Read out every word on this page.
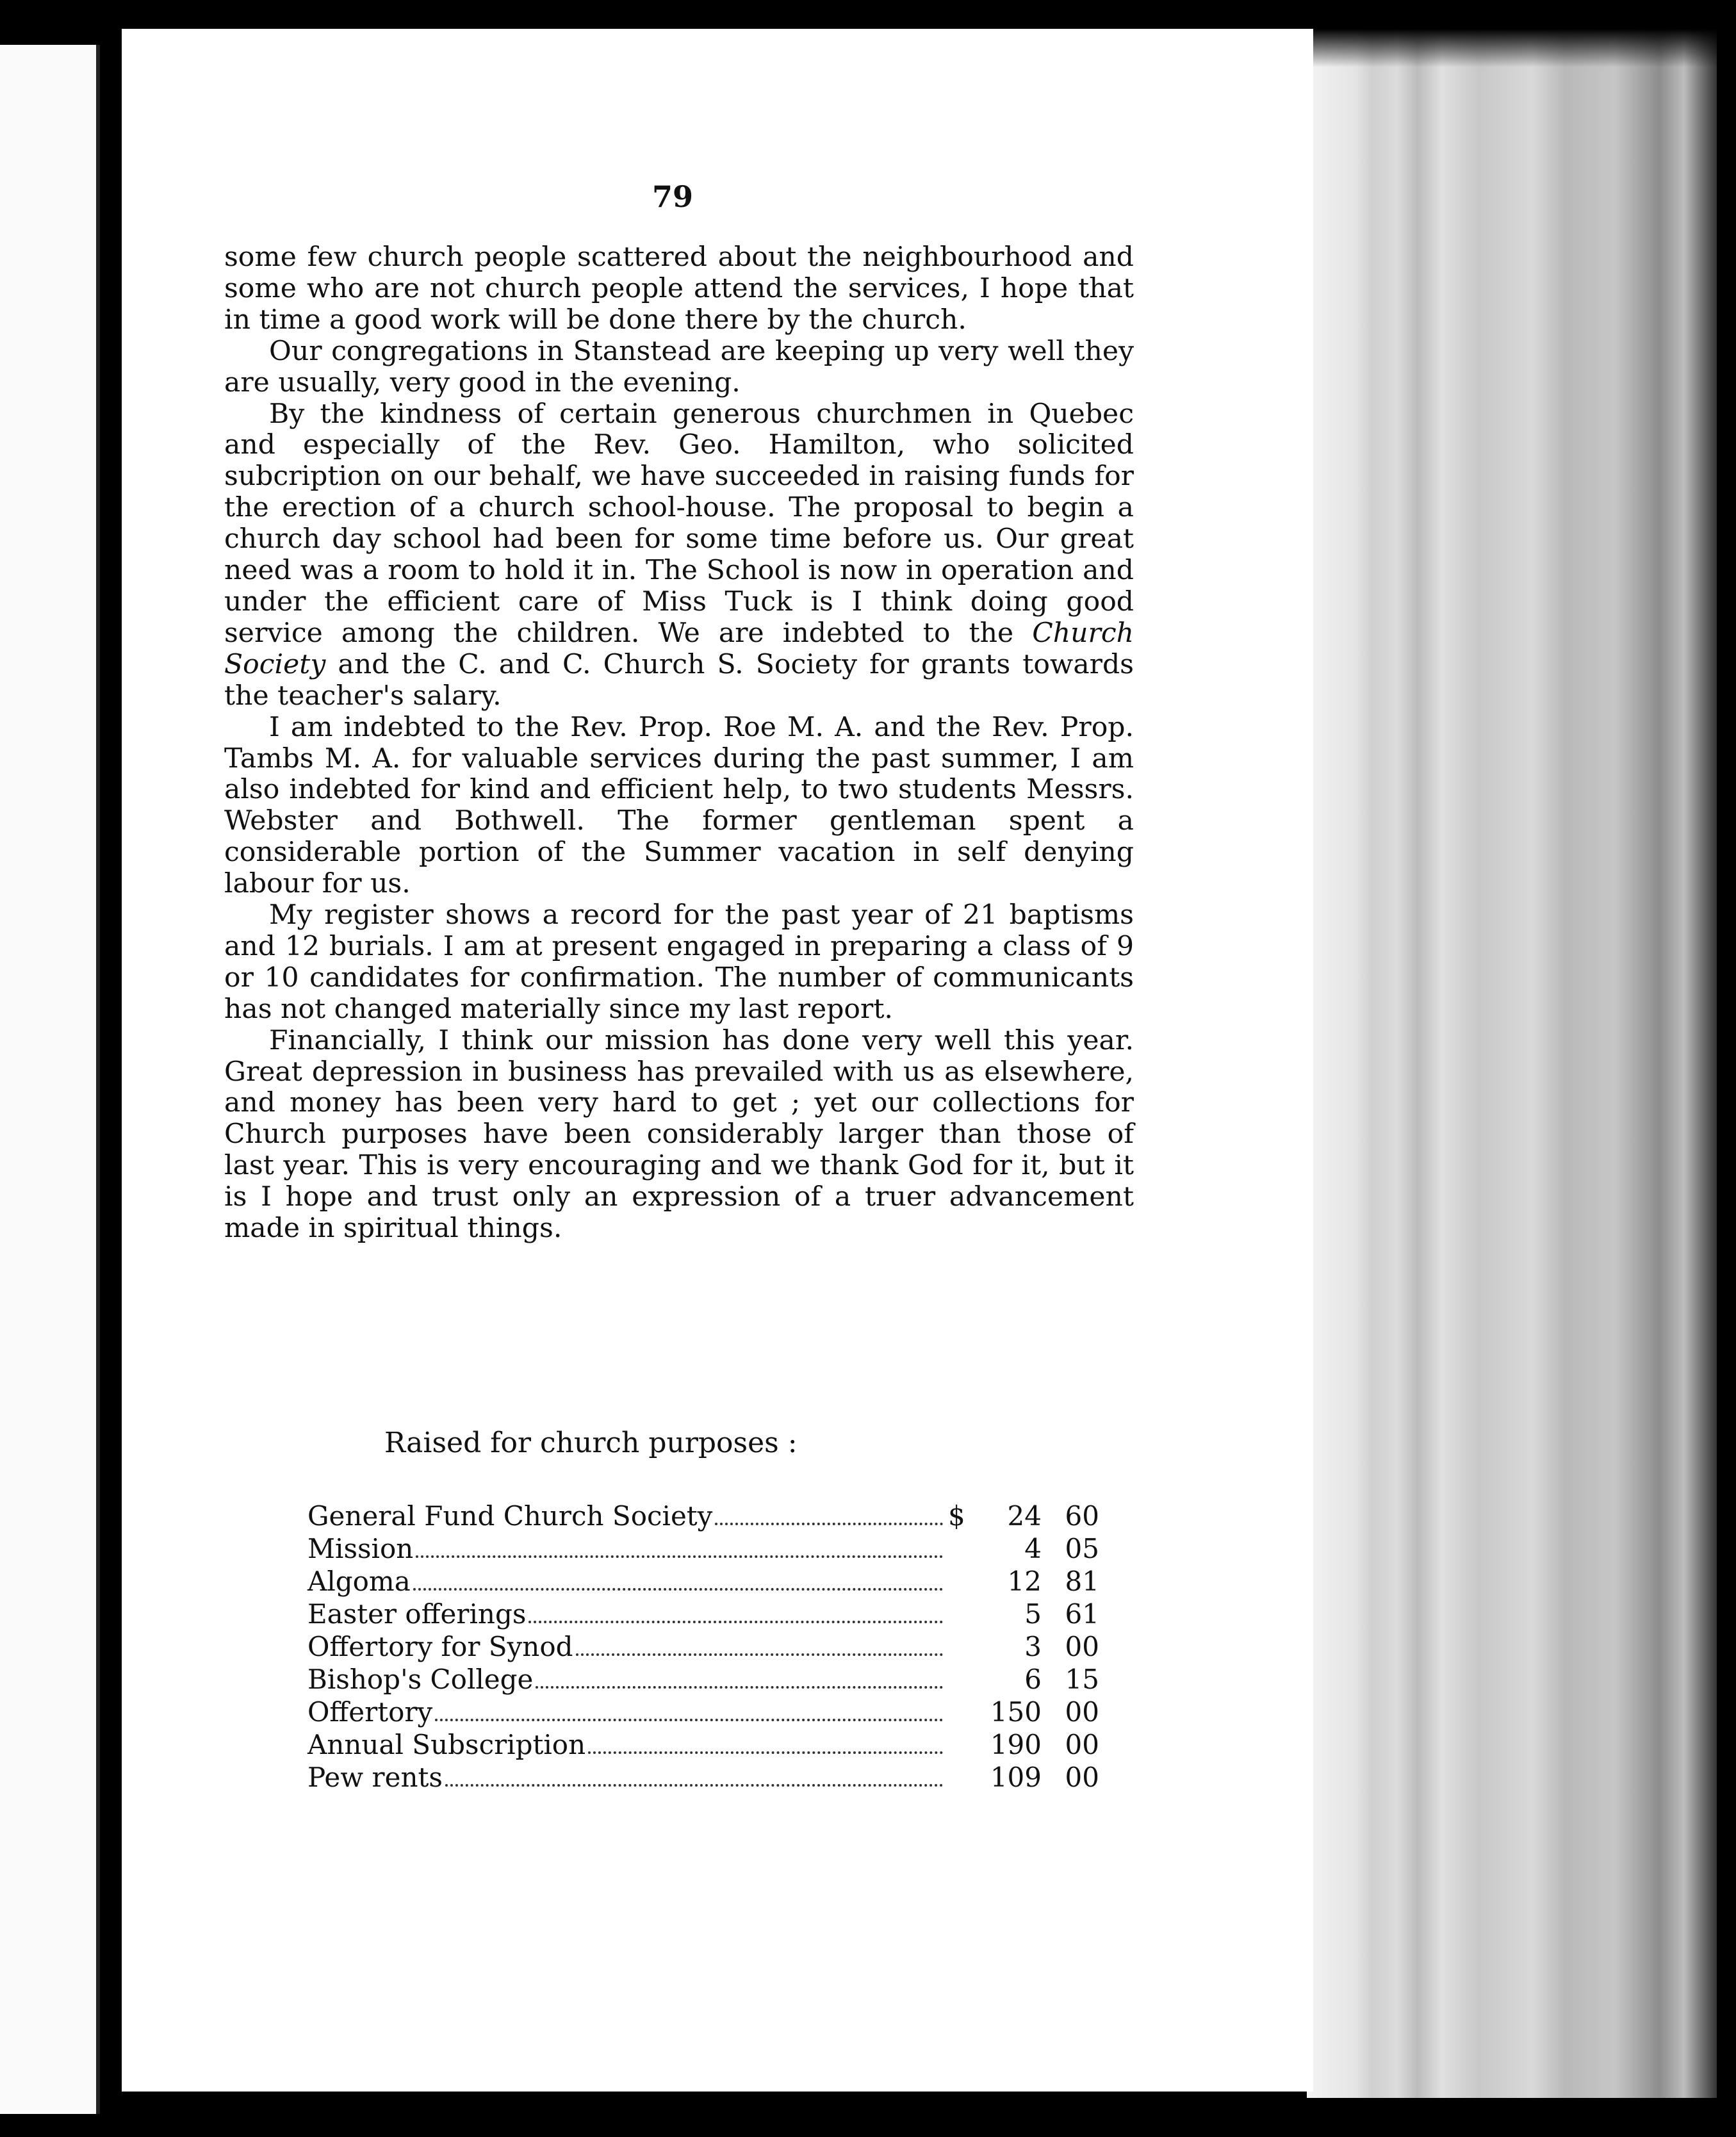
79

some few church people scattered about the neighbourhood and some who are not church people attend the services, I hope that in time a good work will be done there by the church.

Our congregations in Stanstead are keeping up very well they are usually, very good in the evening.

By the kindness of certain generous churchmen in Quebec and especially of the Rev. Geo. Hamilton, who solicited subcription on our behalf, we have succeeded in raising funds for the erection of a church school-house. The proposal to begin a church day school had been for some time before us. Our great need was a room to hold it in. The School is now in operation and under the efficient care of Miss Tuck is I think doing good service among the children. We are indebted to the Church Society and the C. and C. Church S. Society for grants towards the teacher's salary.

I am indebted to the Rev. Prop. Roe M. A. and the Rev. Prop. Tambs M. A. for valuable services during the past summer, I am also indebted for kind and efficient help, to two students Messrs. Webster and Bothwell. The former gentleman spent a considerable portion of the Summer vacation in self denying labour for us.

My register shows a record for the past year of 21 baptisms and 12 burials. I am at present engaged in preparing a class of 9 or 10 candidates for confirmation. The number of communicants has not changed materially since my last report.

Financially, I think our mission has done very well this year. Great depression in business has prevailed with us as elsewhere, and money has been very hard to get ; yet our collections for Church purposes have been considerably larger than those of last year. This is very encouraging and we thank God for it, but it is I hope and trust only an expression of a truer advancement made in spiritual things.

Raised for church purposes :
General Fund Church Society	$	24	60

Mission		4	05

Algoma		12	81

Easter offerings		5	61

Offertory for Synod		3	00

Bishop's College		6	15

Offertory		150	00

Annual Subscription		190	00

Pew rents		109	00
